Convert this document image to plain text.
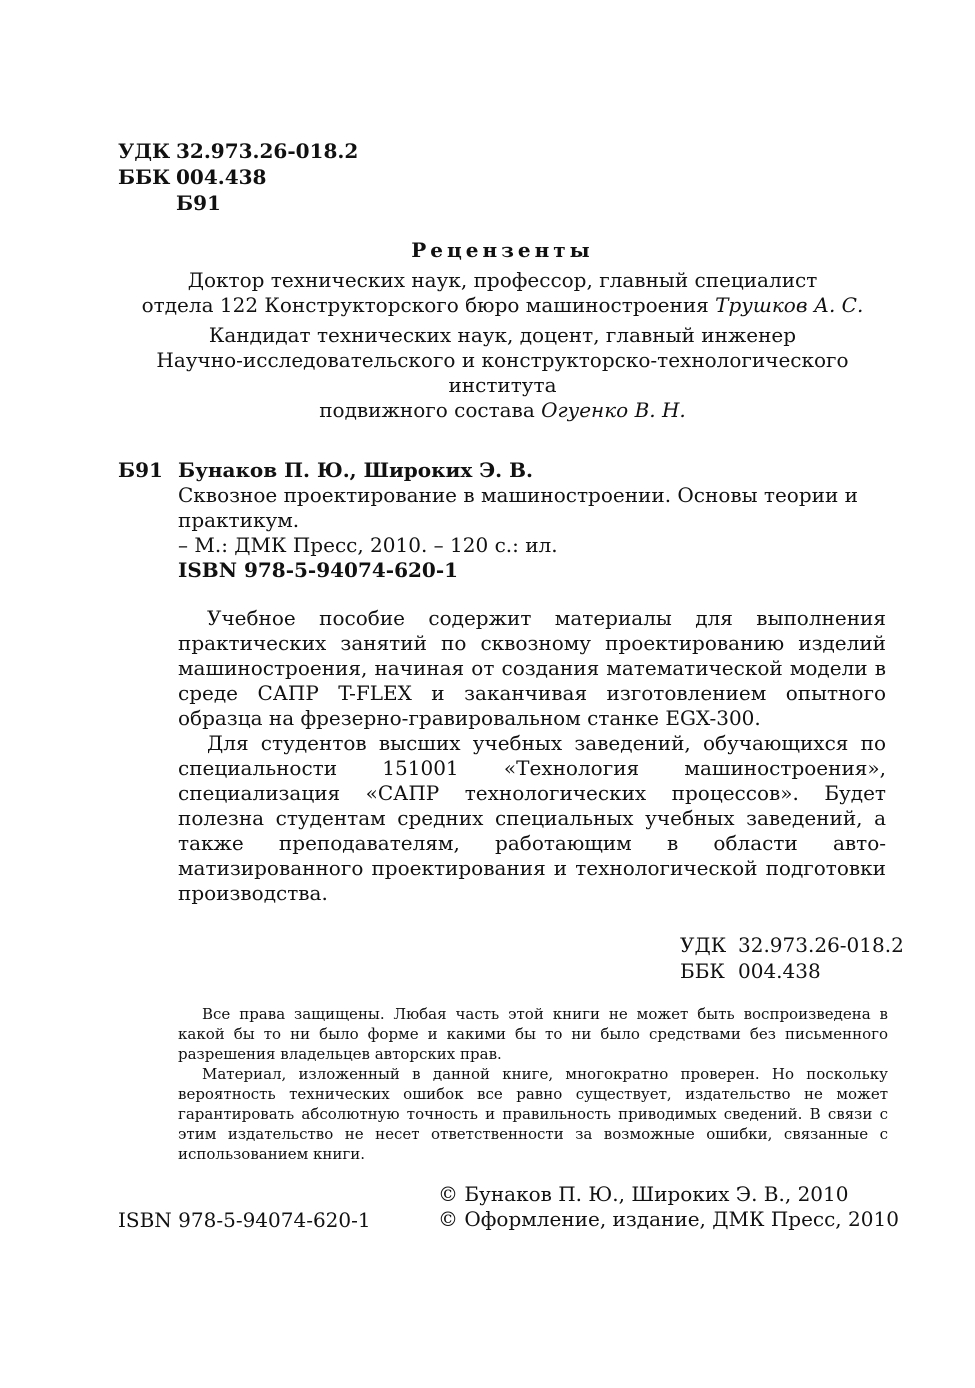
УДК 32.973.26-018.2
ББК 004.438
Б91
Рецензенты
Доктор технических наук, профессор, главный специалист
отдела 122 Конструкторского бюро машиностроения Трушков А. С.
Кандидат технических наук, доцент, главный инженер
Научно-исследовательского и конструкторско-технологического института
подвижного состава Огуенко В. Н.
Б91 Бунаков П. Ю., Широких Э. В.
Сквозное проектирование в машиностроении. Основы теории и практикум.
– М.: ДМК Пресс, 2010. – 120 с.: ил.
ISBN 978-5-94074-620-1

Учебное пособие содержит материалы для выполнения практических занятий по сквозному проектированию изделий машиностроения, начиная от создания математической модели в среде САПР T-FLEX и заканчивая изготовлением опытного образца на фрезерно-гравировальном станке EGX-300.

Для студентов высших учебных заведений, обучающихся по специальности 151001 «Технология машиностроения», специализация «САПР технологических процессов». Будет полезна студентам средних специальных учебных заведений, а также преподавателям, работающим в области автоматизированного проектирования и технологической подготовки производства.

УДК 32.973.26-018.2
ББК 004.438

Все права защищены. Любая часть этой книги не может быть воспроизведена в какой бы то ни было форме и какими бы то ни было средствами без письменного разрешения владельцев авторских прав.

Материал, изложенный в данной книге, многократно проверен. Но поскольку вероятность технических ошибок все равно существует, издательство не может гарантировать абсолютную точность и правильность приводимых сведений. В связи с этим издательство не несет ответственности за возможные ошибки, связанные с использованием книги.

ISBN 978-5-94074-620-1
© Бунаков П. Ю., Широких Э. В., 2010
© Оформление, издание, ДМК Пресс, 2010
